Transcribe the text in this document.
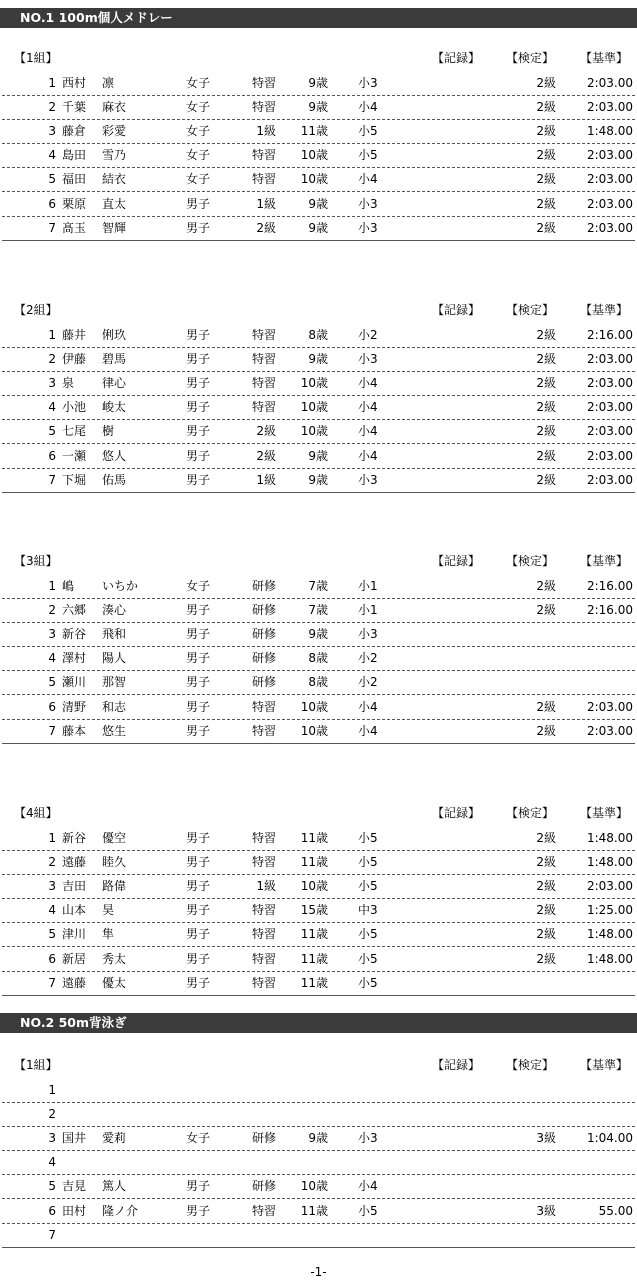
NO.1 100m個人メドレー
【1組】	【記録】 【検定】 【基準】
1 西村 凛	女子	特習	9歳	小3	2級	2:03.00
2 千葉 麻衣	女子	特習	9歳	小4	2級	2:03.00
3 藤倉 彩愛	女子	1級	11歳	小5	2級	1:48.00
4 島田 雪乃	女子	特習	10歳	小5	2級	2:03.00
5 福田 結衣	女子	特習	10歳	小4	2級	2:03.00
6 栗原 直太	男子	1級	9歳	小3	2級	2:03.00
7 髙玉 智輝	男子	2級	9歳	小3	2級	2:03.00
【2組】	【記録】 【検定】 【基準】
1 藤井 俐玖	男子	特習	8歳	小2	2級	2:16.00
2 伊藤 碧馬	男子	特習	9歳	小3	2級	2:03.00
3 泉 律心	男子	特習	10歳	小4	2級	2:03.00
4 小池 峻太	男子	特習	10歳	小4	2級	2:03.00
5 七尾 樹	男子	2級	10歳	小4	2級	2:03.00
6 一瀬 悠人	男子	2級	9歳	小4	2級	2:03.00
7 下堀 佑馬	男子	1級	9歳	小3	2級	2:03.00
【3組】	【記録】 【検定】 【基準】
1 嶋 いちか	女子	研修	7歳	小1	2級	2:16.00
2 六郷 湊心	男子	研修	7歳	小1	2級	2:16.00
3 新谷 飛和	男子	研修	9歳	小3
4 澤村 陽人	男子	研修	8歳	小2
5 瀬川 那智	男子	研修	8歳	小2
6 清野 和志	男子	特習	10歳	小4	2級	2:03.00
7 藤本 悠生	男子	特習	10歳	小4	2級	2:03.00
【4組】	【記録】 【検定】 【基準】
1 新谷 優空	男子	特習	11歳	小5	2級	1:48.00
2 遠藤 睦久	男子	特習	11歳	小5	2級	1:48.00
3 吉田 路偉	男子	1級	10歳	小5	2級	2:03.00
4 山本 昊	男子	特習	15歳	中3	2級	1:25.00
5 津川 隼	男子	特習	11歳	小5	2級	1:48.00
6 新居 秀太	男子	特習	11歳	小5	2級	1:48.00
7 遠藤 優太	男子	特習	11歳	小5
NO.2 50m背泳ぎ
【1組】	【記録】 【検定】 【基準】
1
2
3 国井 愛莉	女子	研修	9歳	小3	3級	1:04.00
4
5 吉見 篤人	男子	研修	10歳	小4
6 田村 隆ノ介	男子	特習	11歳	小5	3級	55.00
7
-1-
